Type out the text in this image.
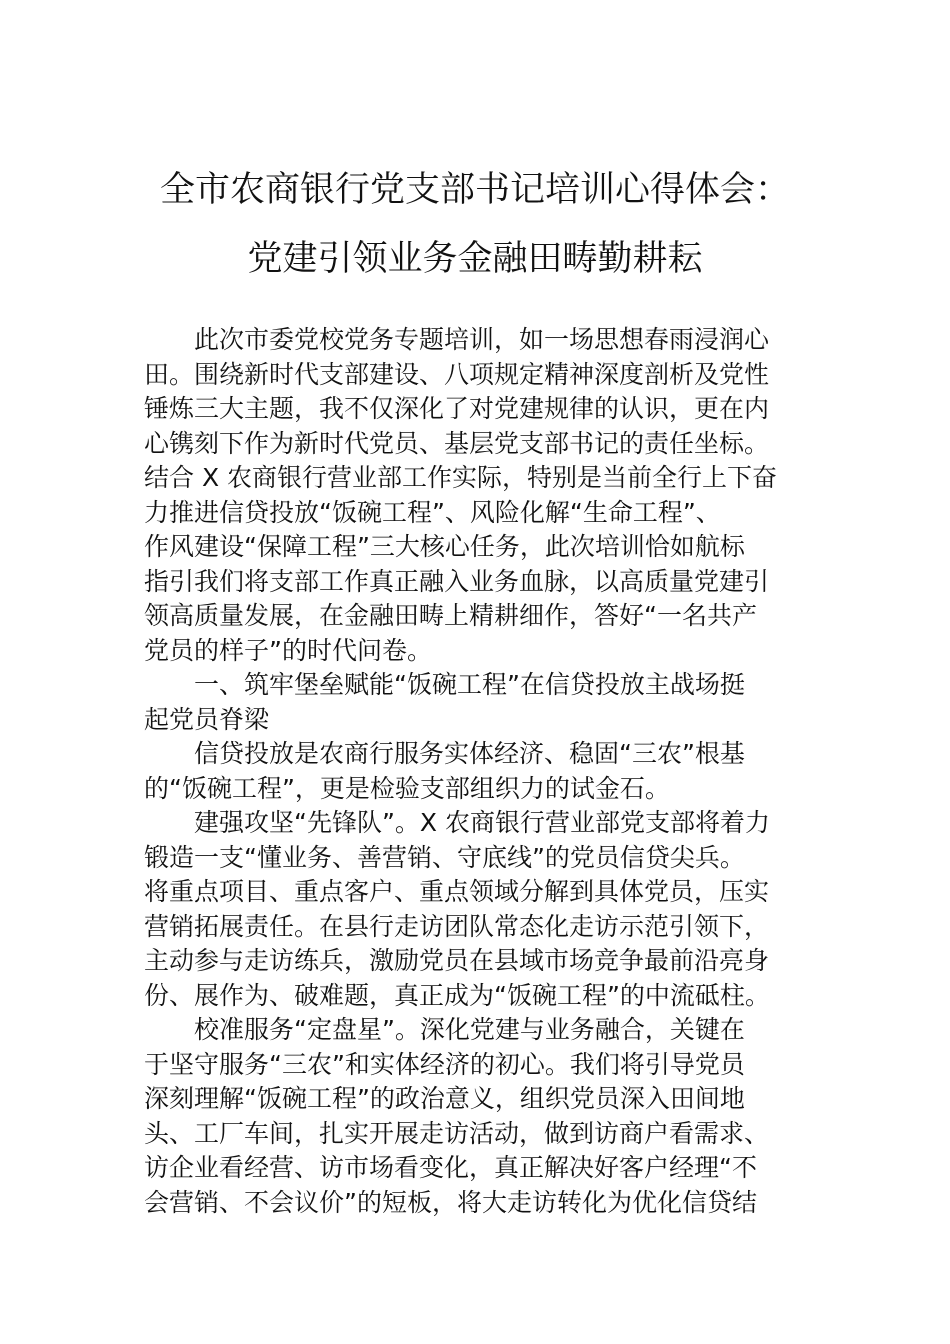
全市农商银行党支部书记培训心得体会：
党建引领业务金融田畴勤耕耘
此次市委党校党务专题培训，如一场思想春雨浸润心
田。围绕新时代支部建设、八项规定精神深度剖析及党性
锤炼三大主题，我不仅深化了对党建规律的认识，更在内
心镌刻下作为新时代党员、基层党支部书记的责任坐标。
结合 X 农商银行营业部工作实际，特别是当前全行上下奋
力推进信贷投放“饭碗工程”、风险化解“生命工程”、
作风建设“保障工程”三大核心任务，此次培训恰如航标
指引我们将支部工作真正融入业务血脉，以高质量党建引
领高质量发展，在金融田畴上精耕细作，答好“一名共产
党员的样子”的时代问卷。
一、筑牢堡垒赋能“饭碗工程”在信贷投放主战场挺
起党员脊梁
信贷投放是农商行服务实体经济、稳固“三农”根基
的“饭碗工程”，更是检验支部组织力的试金石。
建强攻坚“先锋队”。X 农商银行营业部党支部将着力
锻造一支“懂业务、善营销、守底线”的党员信贷尖兵。
将重点项目、重点客户、重点领域分解到具体党员，压实
营销拓展责任。在县行走访团队常态化走访示范引领下，
主动参与走访练兵，激励党员在县域市场竞争最前沿亮身
份、展作为、破难题，真正成为“饭碗工程”的中流砥柱。
校准服务“定盘星”。深化党建与业务融合，关键在
于坚守服务“三农”和实体经济的初心。我们将引导党员
深刻理解“饭碗工程”的政治意义，组织党员深入田间地
头、工厂车间，扎实开展走访活动，做到访商户看需求、
访企业看经营、访市场看变化，真正解决好客户经理“不
会营销、不会议价”的短板，将大走访转化为优化信贷结
